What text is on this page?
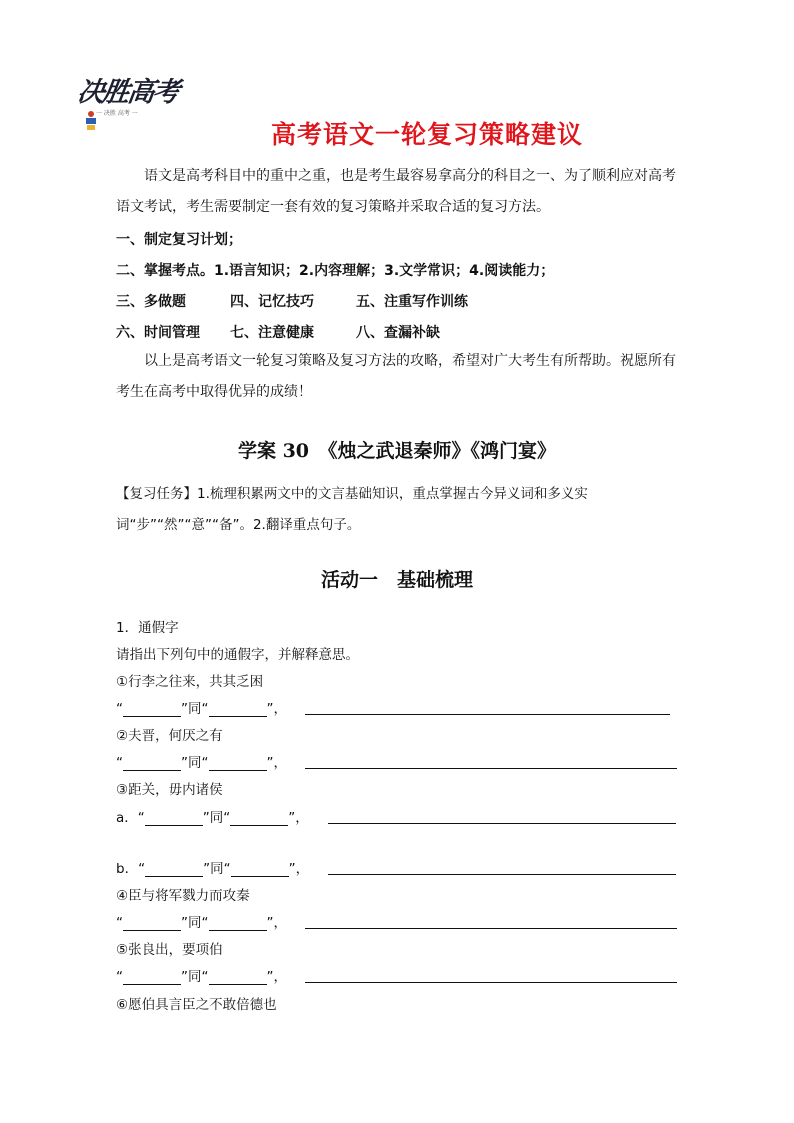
决胜高考
一 决胜 高考 一
高考语文一轮复习策略建议
语文是高考科目中的重中之重，也是考生最容易拿高分的科目之一、为了顺利应对高考语文考试，考生需要制定一套有效的复习策略并采取合适的复习方法。
一、制定复习计划；
二、掌握考点。1.语言知识；2.内容理解；3.文学常识；4.阅读能力；
三、多做题	四、记忆技巧	五、注重写作训练
六、时间管理 七、注意健康	八、查漏补缺
以上是高考语文一轮复习策略及复习方法的攻略，希望对广大考生有所帮助。祝愿所有考生在高考中取得优异的成绩！
学案 30　《烛之武退秦师》《鸿门宴》
【复习任务】1.梳理积累两文中的文言基础知识，重点掌握古今异义词和多义实词“步”“然”“意”“备”。2.翻译重点句子。
活动一　基础梳理
1．通假字
请指出下列句中的通假字，并解释意思。
①行李之往来，共其乏困
“	”同“	”，
②夫晋，何厌之有
“	”同“	”，
③距关，毋内诸侯
a．“	”同“	”，
b．“	”同“	”，
④臣与将军戮力而攻秦
“	”同“	”，
⑤张良出，要项伯
“	”同“	”，
⑥愿伯具言臣之不敢倍德也
